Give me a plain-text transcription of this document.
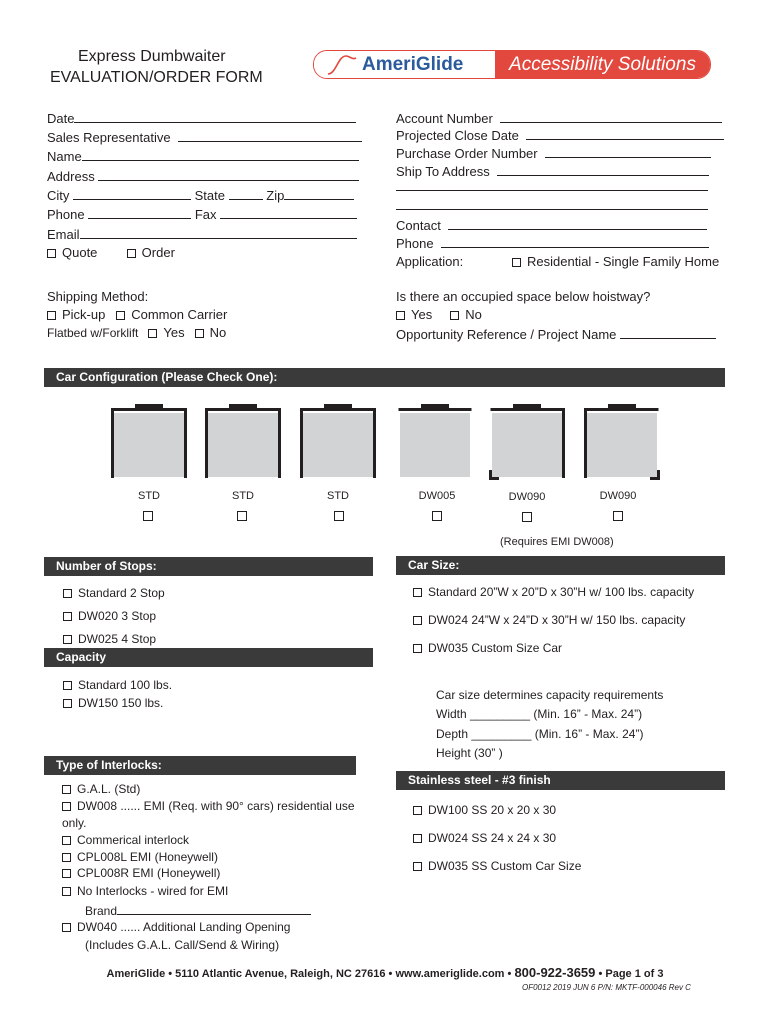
Express Dumbwaiter
EVALUATION/ORDER FORM
AmeriGlide	Accessibility Solutions
Date
Sales Representative
Name
Address
City	State	Zip
Phone	Fax
Email
Quote	Order
Account Number
Projected Close Date
Purchase Order Number
Ship To Address
Contact
Phone
Application:	Residential - Single Family Home
Shipping Method:
Pick-up Common Carrier
Flatbed w/Forklift Yes No
Is there an occupied space below hoistway?
Yes	No
Opportunity Reference / Project Name
Car Configuration (Please Check One):
STD	STD	STD	DW005	DW090	DW090
(Requires EMI DW008)
Number of Stops:
Standard 2 Stop
DW020 3 Stop
DW025 4 Stop
Capacity
Standard 100 lbs.
DW150 150 lbs.
Car Size:
Standard 20”W x 20”D x 30”H w/ 100 lbs. capacity
DW024 24”W x 24”D x 30”H w/ 150 lbs. capacity
DW035 Custom Size Car
Car size determines capacity requirements
Width _________ (Min. 16” - Max. 24”)
Depth _________ (Min. 16” - Max. 24”)
Height (30” )
Type of Interlocks:
G.A.L. (Std)
DW008 ...... EMI (Req. with 90° cars) residential use
only.
Commerical interlock
CPL008L EMI (Honeywell)
CPL008R EMI (Honeywell)
No Interlocks - wired for EMI
Brand
DW040 ...... Additional Landing Opening
(Includes G.A.L. Call/Send & Wiring)
Stainless steel - #3 finish
DW100 SS 20 x 20 x 30
DW024 SS 24 x 24 x 30
DW035 SS Custom Car Size
AmeriGlide • 5110 Atlantic Avenue, Raleigh, NC 27616 • www.ameriglide.com • 800-922-3659 • Page 1 of 3
OF0012 2019 JUN 6 P/N: MKTF-000046 Rev C
